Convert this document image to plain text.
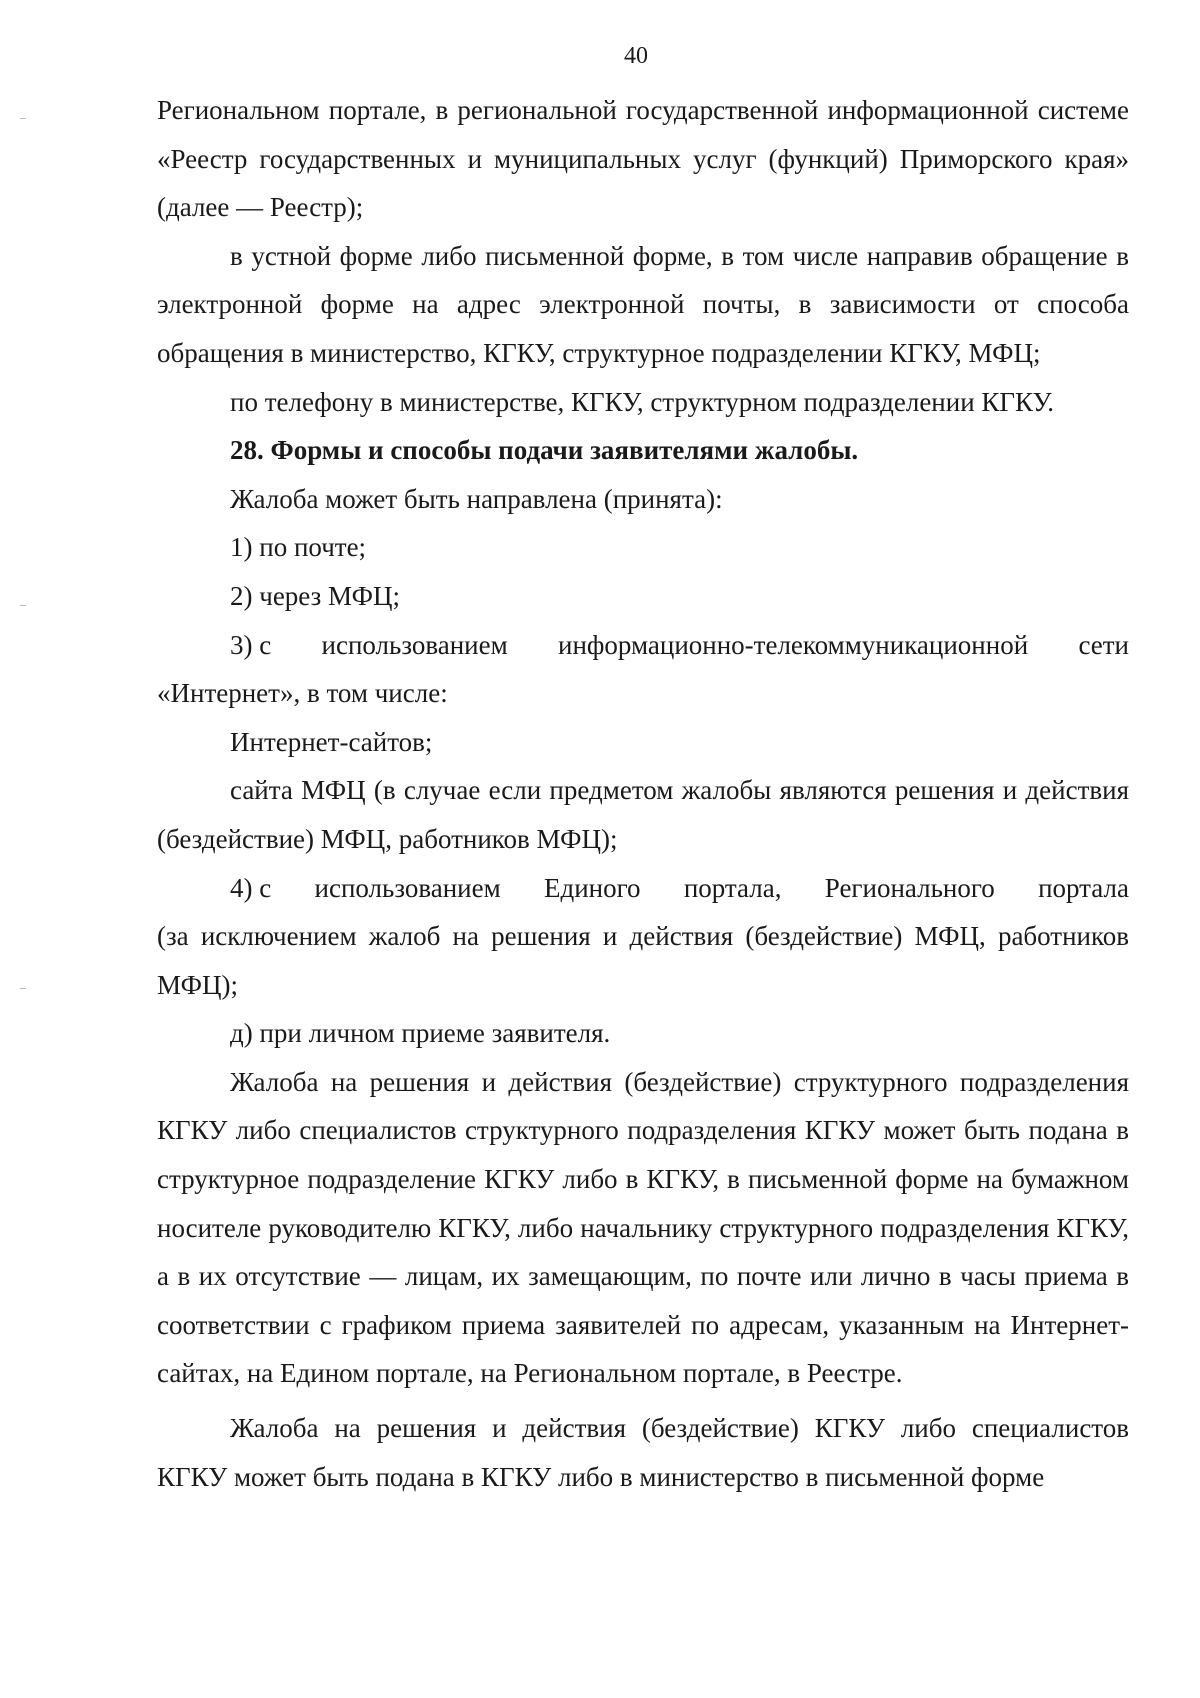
40

Региональном портале, в региональной государственной информационной системе «Реестр государственных и муниципальных услуг (функций) Приморского края» (далее — Реестр);

в устной форме либо письменной форме, в том числе направив обращение в электронной форме на адрес электронной почты, в зависимости от способа обращения в министерство, КГКУ, структурное подразделении КГКУ, МФЦ;

по телефону в министерстве, КГКУ, структурном подразделении КГКУ.

28. Формы и способы подачи заявителями жалобы.

Жалоба может быть направлена (принята):

1) по почте;

2) через МФЦ;

3) с использованием информационно-телекоммуникационной сети

«Интернет», в том числе:

Интернет-сайтов;

сайта МФЦ (в случае если предметом жалобы являются решения и действия (бездействие) МФЦ, работников МФЦ);

4) с использованием Единого портала, Регионального портала

(за исключением жалоб на решения и действия (бездействие) МФЦ, работников МФЦ);

д) при личном приеме заявителя.

Жалоба на решения и действия (бездействие) структурного подразделения КГКУ либо специалистов структурного подразделения КГКУ может быть подана в структурное подразделение КГКУ либо в КГКУ, в письменной форме на бумажном носителе руководителю КГКУ, либо начальнику структурного подразделения КГКУ, а в их отсутствие — лицам, их замещающим, по почте или лично в часы приема в соответствии с графиком приема заявителей по адресам, указанным на Интернет-сайтах, на Едином портале, на Региональном портале, в Реестре.

Жалоба на решения и действия (бездействие) КГКУ либо специалистов КГКУ может быть подана в КГКУ либо в министерство в письменной форме
